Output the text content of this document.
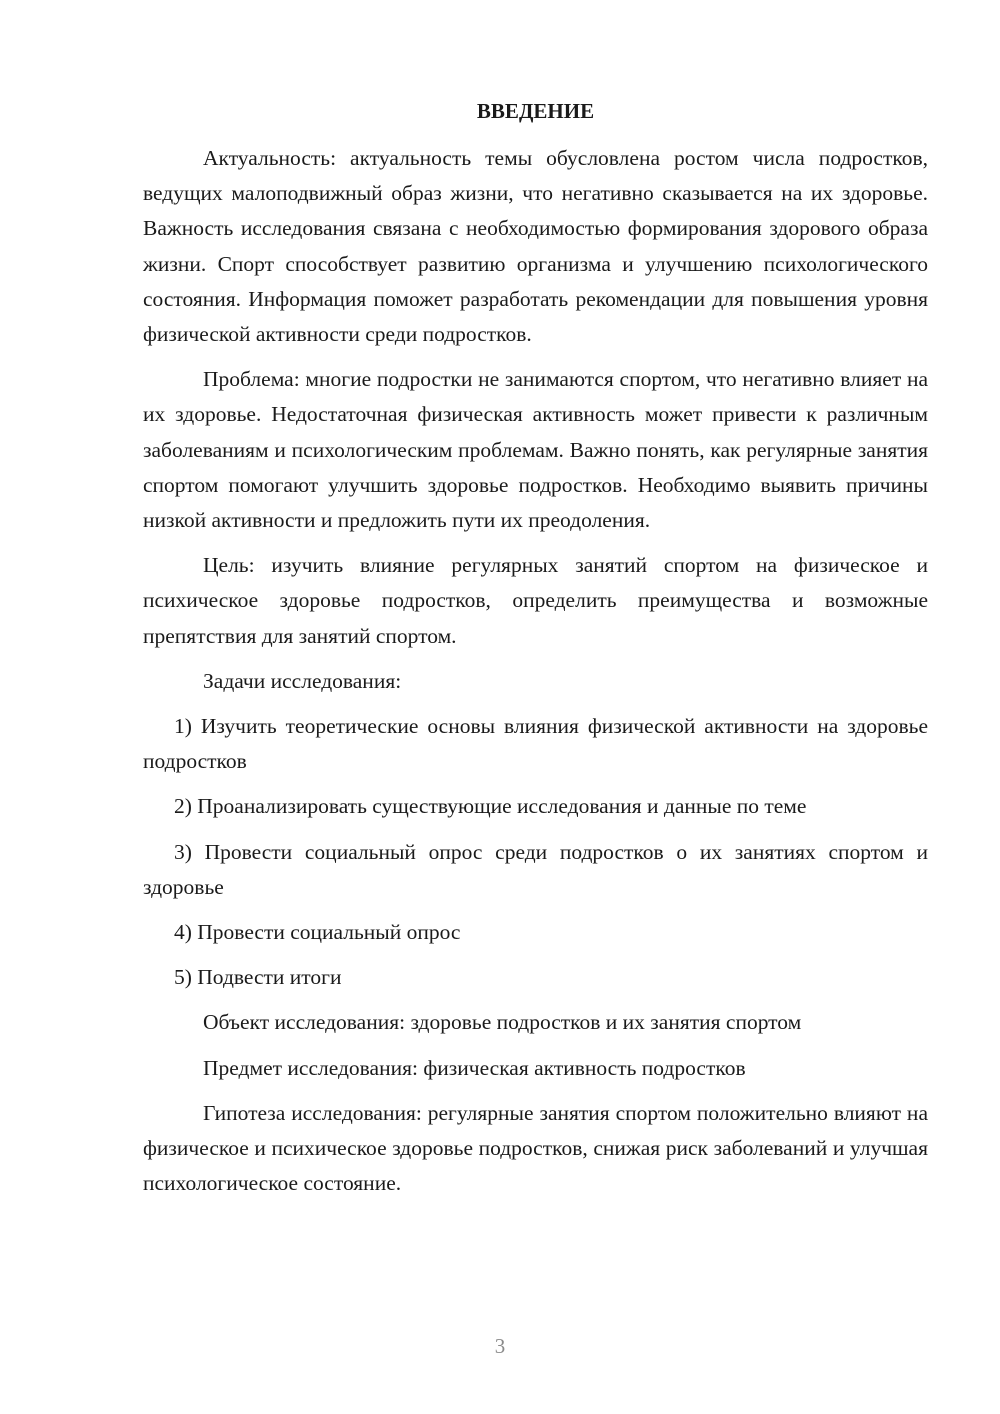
ВВЕДЕНИЕ

Актуальность: актуальность темы обусловлена ростом числа подростков, ведущих малоподвижный образ жизни, что негативно сказывается на их здоровье. Важность исследования связана с необходимостью формирования здорового образа жизни. Спорт способствует развитию организма и улучшению психологического состояния. Информация поможет разработать рекомендации для повышения уровня физической активности среди подростков.

Проблема: многие подростки не занимаются спортом, что негативно влияет на их здоровье. Недостаточная физическая активность может привести к различным заболеваниям и психологическим проблемам. Важно понять, как регулярные занятия спортом помогают улучшить здоровье подростков. Необходимо выявить причины низкой активности и предложить пути их преодоления.

Цель: изучить влияние регулярных занятий спортом на физическое и психическое здоровье подростков, определить преимущества и возможные препятствия для занятий спортом.

Задачи исследования:

1) Изучить теоретические основы влияния физической активности на здоровье подростков

2) Проанализировать существующие исследования и данные по теме

3) Провести социальный опрос среди подростков о их занятиях спортом и здоровье

4) Провести социальный опрос

5) Подвести итоги

Объект исследования: здоровье подростков и их занятия спортом

Предмет исследования: физическая активность подростков

Гипотеза исследования: регулярные занятия спортом положительно влияют на физическое и психическое здоровье подростков, снижая риск заболеваний и улучшая психологическое состояние.

3
